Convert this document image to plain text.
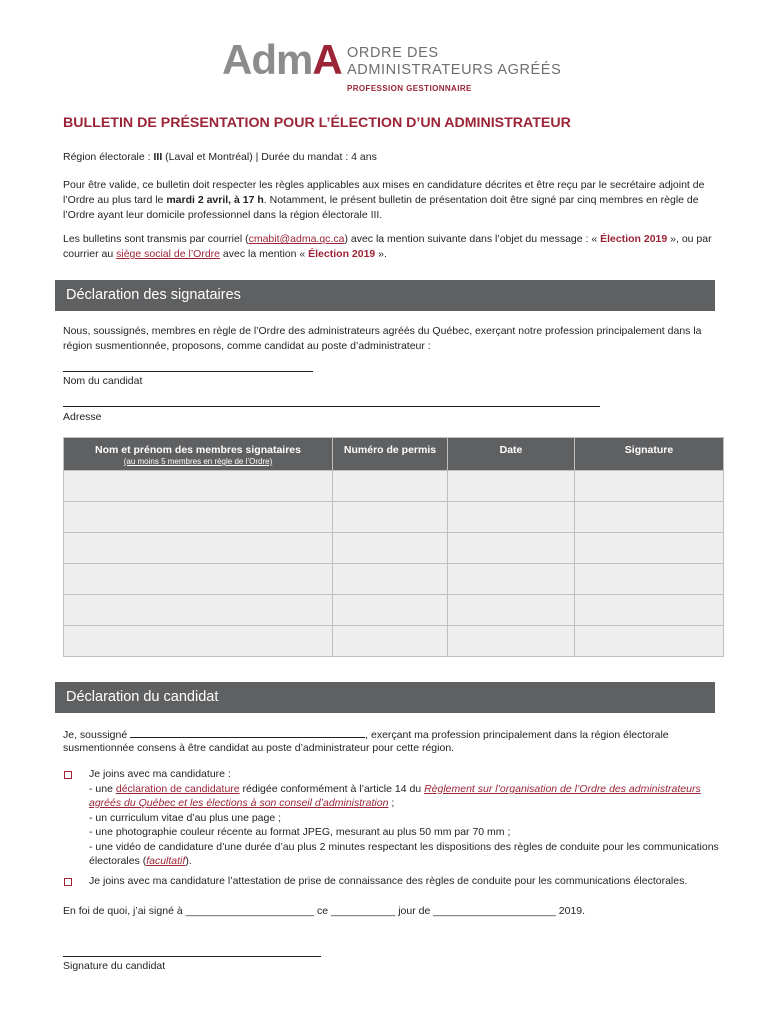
AdmA ORDRE DES
ADMINISTRATEURS AGRÉÉS
PROFESSION GESTIONNAIRE
BULLETIN DE PRÉSENTATION POUR L’ÉLECTION D’UN ADMINISTRATEUR

Région électorale : III (Laval et Montréal) | Durée du mandat : 4 ans

Pour être valide, ce bulletin doit respecter les règles applicables aux mises en candidature décrites et être reçu par le secrétaire adjoint de l’Ordre au plus tard le mardi 2 avril, à 17 h. Notamment, le présent bulletin de présentation doit être signé par cinq membres en règle de l’Ordre ayant leur domicile professionnel dans la région électorale III.

Les bulletins sont transmis par courriel (cmabit@adma.qc.ca) avec la mention suivante dans l’objet du message : « Élection 2019 », ou par courrier au siège social de l’Ordre avec la mention « Élection 2019 ».

Déclaration des signataires

Nous, soussignés, membres en règle de l’Ordre des administrateurs agréés du Québec, exerçant notre profession principalement dans la région susmentionnée, proposons, comme candidat au poste d’administrateur :

Nom du candidat
Adresse
Nom et prénom des membres signataires
(au moins 5 membres en règle de l’Ordre)	Numéro de permis	Date	Signature

Déclaration du candidat

Je, soussigné	, exerçant ma profession principalement dans la région électorale

susmentionnée consens à être candidat au poste d’administrateur pour cette région.

Je joins avec ma candidature :
- une déclaration de candidature rédigée conformément à l’article 14 du Règlement sur l’organisation de l’Ordre des administrateurs agréés du Québec et les élections à son conseil d’administration ;
- un curriculum vitae d’au plus une page ;
- une photographie couleur récente au format JPEG, mesurant au plus 50 mm par 70 mm ;
- une vidéo de candidature d’une durée d’au plus 2 minutes respectant les dispositions des règles de conduite pour les communications électorales (facultatif).

Je joins avec ma candidature l’attestation de prise de connaissance des règles de conduite pour les communications électorales.

En foi de quoi, j’ai signé à ______________________ ce ___________ jour de _____________________ 2019.

Signature du candidat
